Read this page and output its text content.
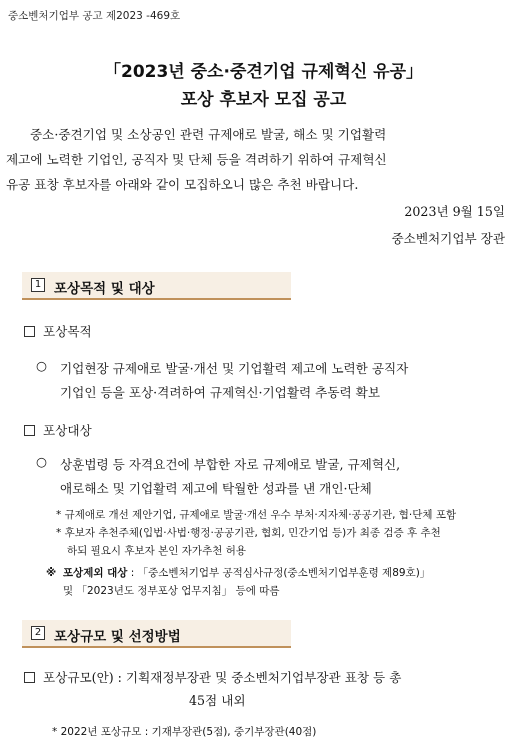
중소벤처기업부 공고 제2023 -469호
「2023년 중소·중견기업 규제혁신 유공」
포상 후보자 모집 공고
중소·중견기업 및 소상공인 관련 규제애로 발굴, 해소 및 기업활력
제고에 노력한 기업인, 공직자 및 단체 등을 격려하기 위하여 규제혁신
유공 표창 후보자를 아래와 같이 모집하오니 많은 추천 바랍니다.
2023년 9월 15일
중소벤처기업부 장관
1 포상목적 및 대상
포상목적
○ 기업현장 규제애로 발굴·개선 및 기업활력 제고에 노력한 공직자
기업인 등을 포상·격려하여 규제혁신·기업활력 추동력 확보
포상대상
○ 상훈법령 등 자격요건에 부합한 자로 규제애로 발굴, 규제혁신,
애로해소 및 기업활력 제고에 탁월한 성과를 낸 개인·단체
* 규제애로 개선 제안기업, 규제애로 발굴·개선 우수 부처·지자체·공공기관, 협·단체 포함
* 후보자 추천주체(입법·사법·행정·공공기관, 협회, 민간기업 등)가 최종 검증 후 추천
하되 필요시 후보자 본인 자가추천 허용
※ 포상제외 대상 : 「중소벤처기업부 공적심사규정(중소벤처기업부훈령 제89호)」
및 「2023년도 정부포상 업무지침」 등에 따름
2 포상규모 및 선정방법
포상규모(안) : 기획재정부장관 및 중소벤처기업부장관 표창 등 총
45점 내외
* 2022년 포상규모 : 기재부장관(5점), 중기부장관(40점)
